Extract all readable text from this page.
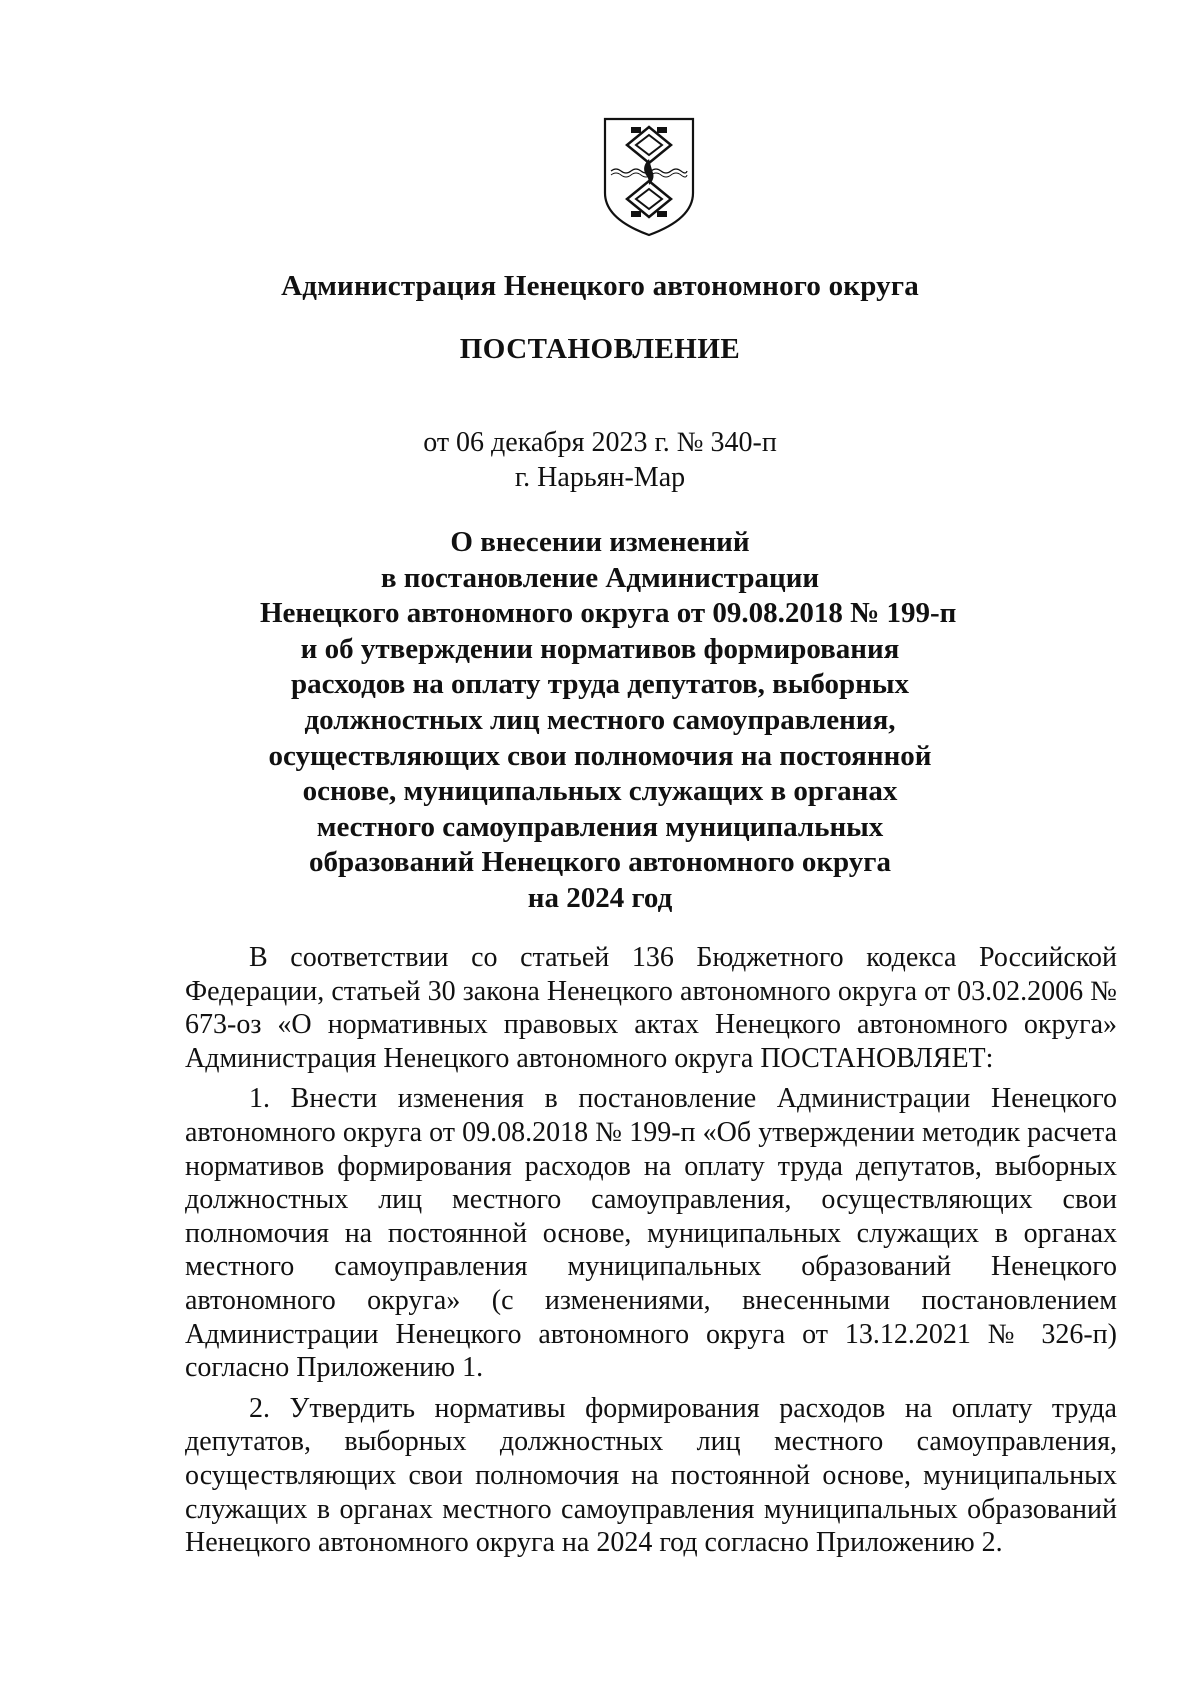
Администрация Ненецкого автономного округа
ПОСТАНОВЛЕНИЕ
от 06 декабря 2023 г. № 340-п
г. Нарьян-Мар
О внесении изменений
в постановление Администрации
Ненецкого автономного округа от 09.08.2018 № 199-п
и об утверждении нормативов формирования
расходов на оплату труда депутатов, выборных
должностных лиц местного самоуправления,
осуществляющих свои полномочия на постоянной
основе, муниципальных служащих в органах
местного самоуправления муниципальных
образований Ненецкого автономного округа
на 2024 год

В соответствии со статьей 136 Бюджетного кодекса Российской Федерации, статьей 30 закона Ненецкого автономного округа от 03.02.2006 № 673-оз «О нормативных правовых актах Ненецкого автономного округа» Администрация Ненецкого автономного округа ПОСТАНОВЛЯЕТ:

1. Внести изменения в постановление Администрации Ненецкого автономного округа от 09.08.2018 № 199-п «Об утверждении методик расчета нормативов формирования расходов на оплату труда депутатов, выборных должностных лиц местного самоуправления, осуществляющих свои полномочия на постоянной основе, муниципальных служащих в органах местного самоуправления муниципальных образований Ненецкого автономного округа» (с изменениями, внесенными постановлением Администрации Ненецкого автономного округа от 13.12.2021 № 326-п) согласно Приложению 1.

2. Утвердить нормативы формирования расходов на оплату труда депутатов, выборных должностных лиц местного самоуправления, осуществляющих свои полномочия на постоянной основе, муниципальных служащих в органах местного самоуправления муниципальных образований Ненецкого автономного округа на 2024 год согласно Приложению 2.
